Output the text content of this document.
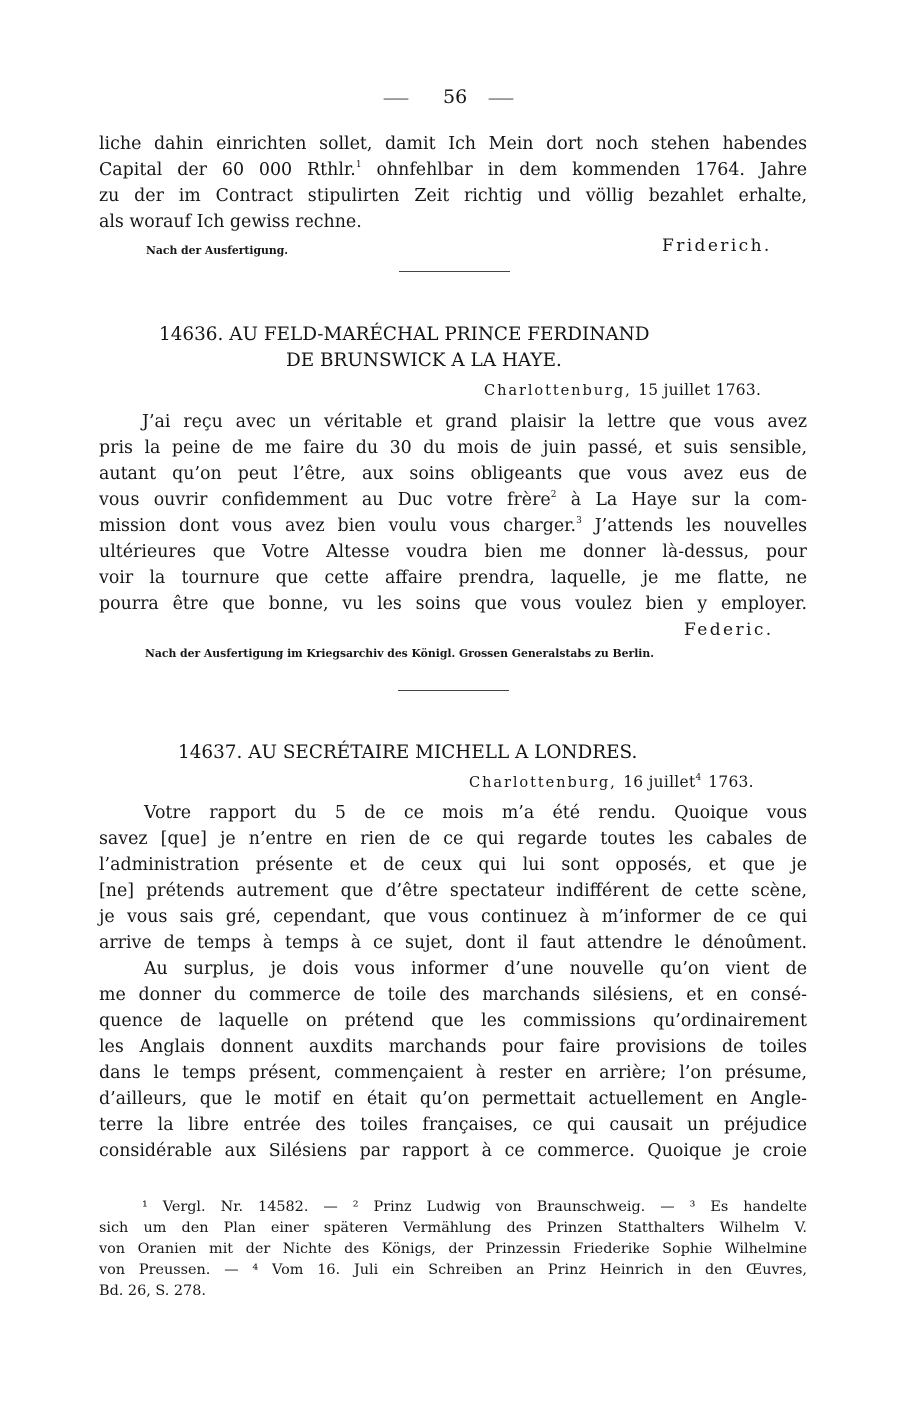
—— 56 ——
liche dahin einrichten sollet, damit Ich Mein dort noch stehen habendes
Capital der 60 000 Rthlr.$^1$ ohnfehlbar in dem kommenden 1764. Jahre
zu der im Contract stipulirten Zeit richtig und völlig bezahlet erhalte,
als worauf Ich gewiss rechne.
Nach der Ausfertigung.	Friderich.
14636. AU FELD-MARÉCHAL PRINCE FERDINAND
DE BRUNSWICK A LA HAYE.
Charlottenburg, 15 juillet 1763.
J’ai reçu avec un véritable et grand plaisir la lettre que vous avez
pris la peine de me faire du 30 du mois de juin passé, et suis sensible,
autant qu’on peut l’être, aux soins obligeants que vous avez eus de
vous ouvrir confidemment au Duc votre frère$^2$ à La Haye sur la com-
mission dont vous avez bien voulu vous charger.$^3$ J’attends les nouvelles
ultérieures que Votre Altesse voudra bien me donner là-dessus, pour
voir la tournure que cette affaire prendra, laquelle, je me flatte, ne
pourra être que bonne, vu les soins que vous voulez bien y employer.
Federic.
Nach der Ausfertigung im Kriegsarchiv des Königl. Grossen Generalstabs zu Berlin.
14637. AU SECRÉTAIRE MICHELL A LONDRES.
Charlottenburg, 16 juillet$^4$ 1763.
Votre rapport du 5 de ce mois m’a été rendu. Quoique vous
savez [que] je n’entre en rien de ce qui regarde toutes les cabales de
l’administration présente et de ceux qui lui sont opposés, et que je
[ne] prétends autrement que d’être spectateur indifférent de cette scène,
je vous sais gré, cependant, que vous continuez à m’informer de ce qui
arrive de temps à temps à ce sujet, dont il faut attendre le dénoûment.
Au surplus, je dois vous informer d’une nouvelle qu’on vient de
me donner du commerce de toile des marchands silésiens, et en consé-
quence de laquelle on prétend que les commissions qu’ordinairement
les Anglais donnent auxdits marchands pour faire provisions de toiles
dans le temps présent, commençaient à rester en arrière; l’on présume,
d’ailleurs, que le motif en était qu’on permettait actuellement en Angle-
terre la libre entrée des toiles françaises, ce qui causait un préjudice
considérable aux Silésiens par rapport à ce commerce. Quoique je croie
¹ Vergl. Nr. 14582. — ² Prinz Ludwig von Braunschweig. — ³ Es handelte
sich um den Plan einer späteren Vermählung des Prinzen Statthalters Wilhelm V.
von Oranien mit der Nichte des Königs, der Prinzessin Friederike Sophie Wilhelmine
von Preussen. — ⁴ Vom 16. Juli ein Schreiben an Prinz Heinrich in den Œuvres,
Bd. 26, S. 278.
